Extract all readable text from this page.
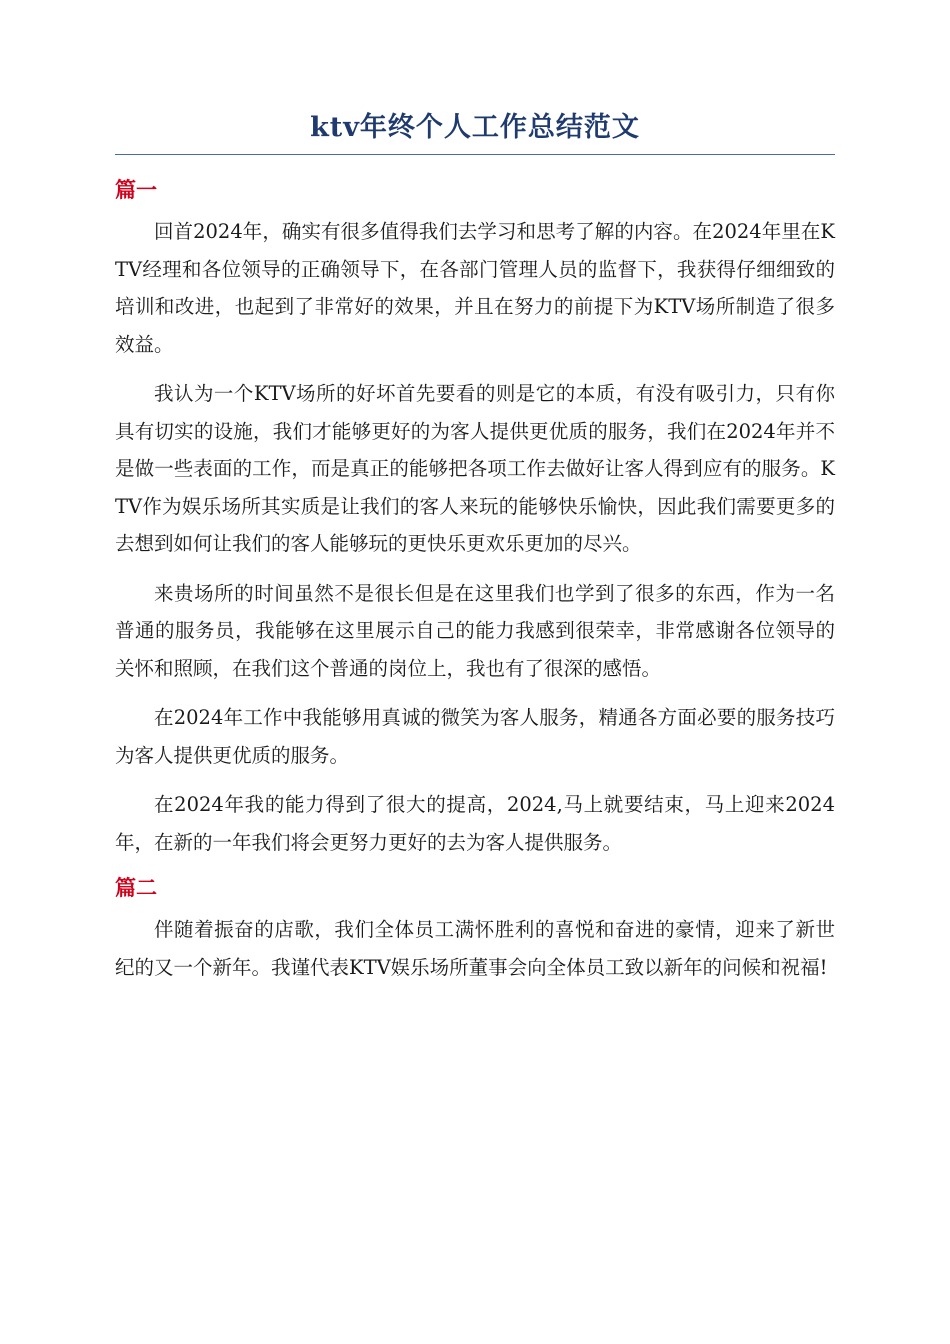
ktv年终个人工作总结范文
篇一

回首2024年，确实有很多值得我们去学习和思考了解的内容。在2024年里在KTV经理和各位领导的正确领导下，在各部门管理人员的监督下，我获得仔细细致的培训和改进，也起到了非常好的效果，并且在努力的前提下为KTV场所制造了很多效益。

我认为一个KTV场所的好坏首先要看的则是它的本质，有没有吸引力，只有你具有切实的设施，我们才能够更好的为客人提供更优质的服务，我们在2024年并不是做一些表面的工作，而是真正的能够把各项工作去做好让客人得到应有的服务。KTV作为娱乐场所其实质是让我们的客人来玩的能够快乐愉快，因此我们需要更多的去想到如何让我们的客人能够玩的更快乐更欢乐更加的尽兴。

来贵场所的时间虽然不是很长但是在这里我们也学到了很多的东西，作为一名普通的服务员，我能够在这里展示自己的能力我感到很荣幸，非常感谢各位领导的关怀和照顾，在我们这个普通的岗位上，我也有了很深的感悟。

在2024年工作中我能够用真诚的微笑为客人服务，精通各方面必要的服务技巧为客人提供更优质的服务。

在2024年我的能力得到了很大的提高，2024,马上就要结束，马上迎来2024年，在新的一年我们将会更努力更好的去为客人提供服务。

篇二

伴随着振奋的店歌，我们全体员工满怀胜利的喜悦和奋进的豪情，迎来了新世纪的又一个新年。我谨代表KTV娱乐场所董事会向全体员工致以新年的问候和祝福!
